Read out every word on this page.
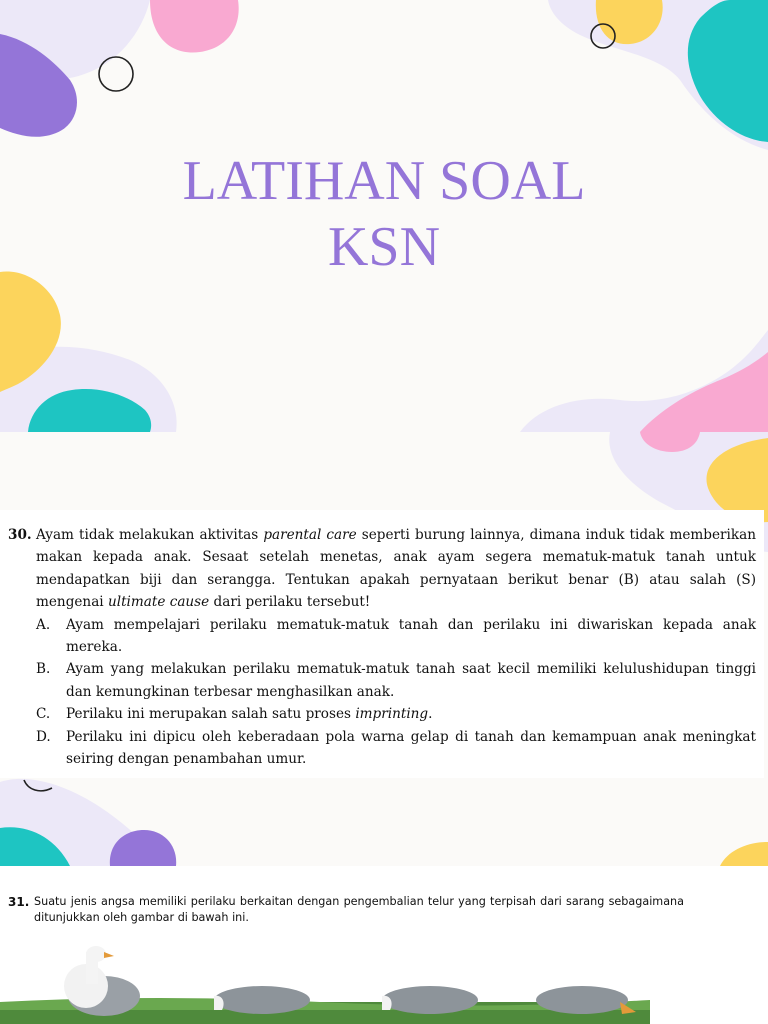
LATIHAN SOAL
KSN
30. Ayam tidak melakukan aktivitas parental care seperti burung lainnya, dimana induk tidak memberikan makan kepada anak. Sesaat setelah menetas, anak ayam segera mematuk-matuk tanah untuk mendapatkan biji dan serangga. Tentukan apakah pernyataan berikut benar (B) atau salah (S) mengenai ultimate cause dari perilaku tersebut!
A.	Ayam mempelajari perilaku mematuk-matuk tanah dan perilaku ini diwariskan kepada anak mereka.
B.	Ayam yang melakukan perilaku mematuk-matuk tanah saat kecil memiliki kelulushidupan tinggi dan kemungkinan terbesar menghasilkan anak.
C.	Perilaku ini merupakan salah satu proses imprinting.
D.	Perilaku ini dipicu oleh keberadaan pola warna gelap di tanah dan kemampuan anak meningkat seiring dengan penambahan umur.
31. Suatu jenis angsa memiliki perilaku berkaitan dengan pengembalian telur yang terpisah dari sarang sebagaimana ditunjukkan oleh gambar di bawah ini.
